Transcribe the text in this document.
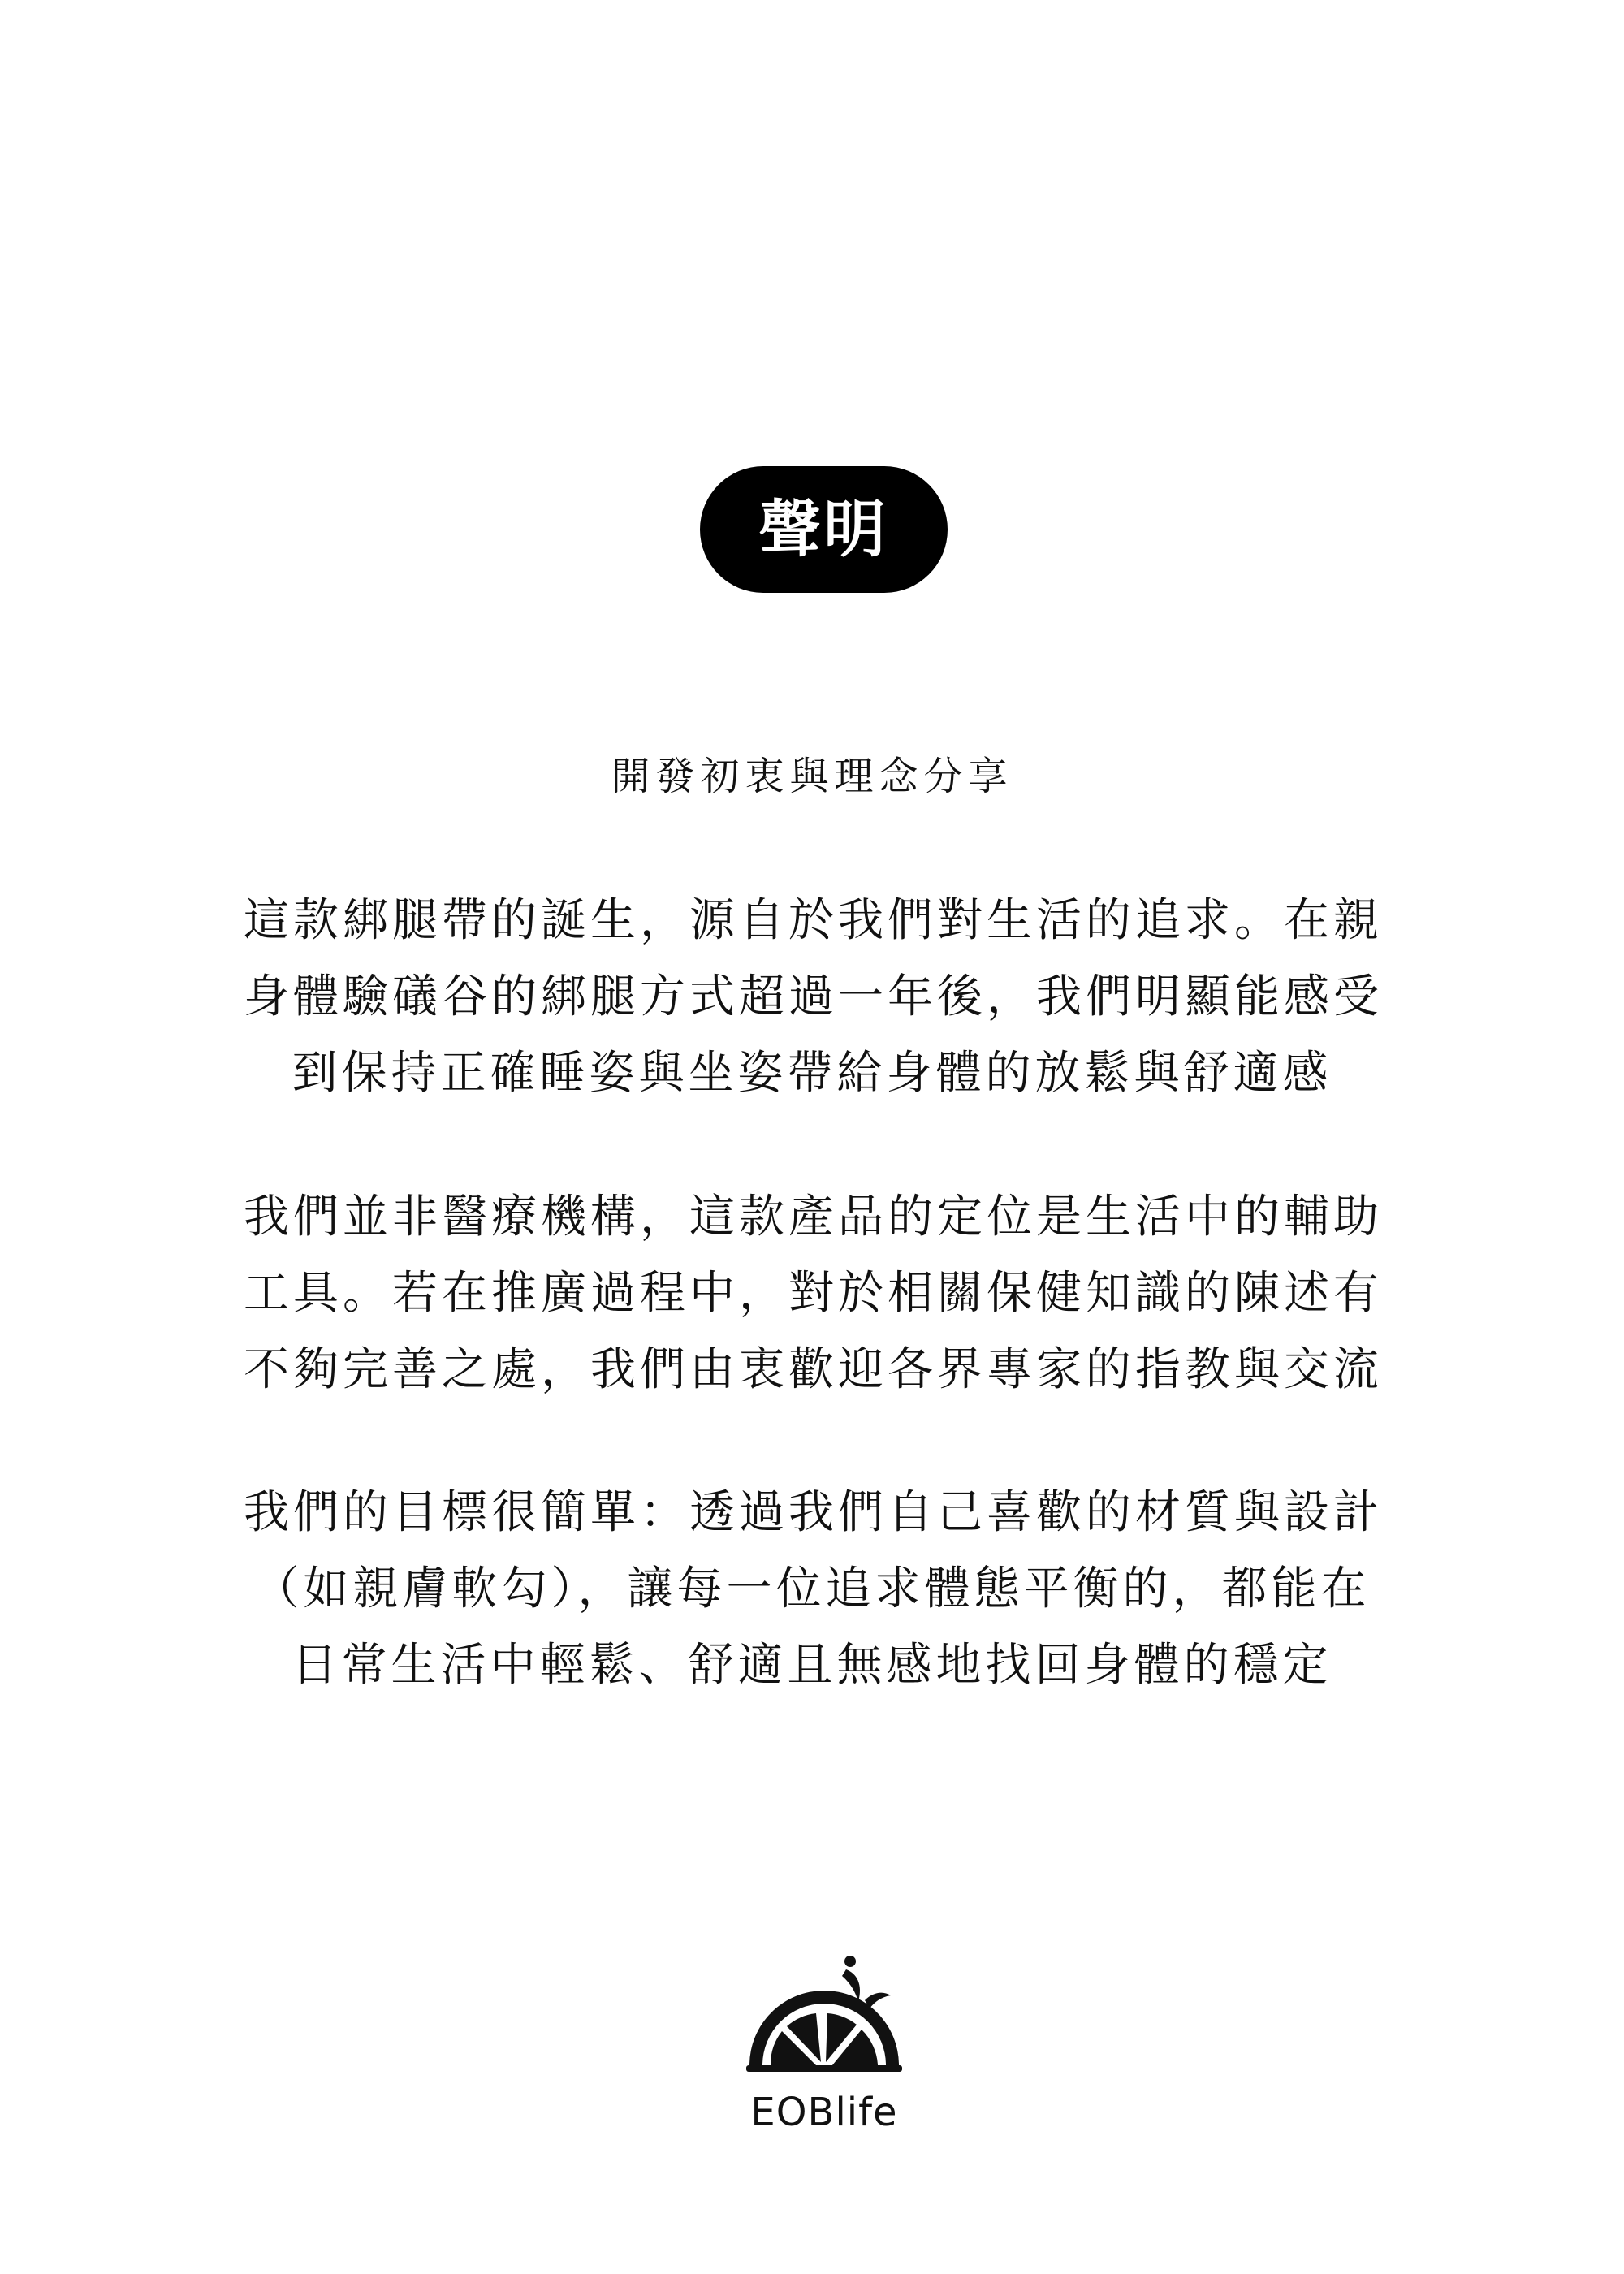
聲明

開發初衷與理念分享

這款綁腿帶的誕生，源自於我們對生活的追求。在親
身體驗礒谷的綁腿方式超過一年後，我們明顯能感受
到保持正確睡姿與坐姿帶給身體的放鬆與舒適感

我們並非醫療機構，這款產品的定位是生活中的輔助
工具。若在推廣過程中，對於相關保健知識的陳述有
不夠完善之處，我們由衷歡迎各界專家的指教與交流

我們的目標很簡單：透過我們自己喜歡的材質與設計
（如親膚軟勾），讓每一位追求體態平衡的，都能在
日常生活中輕鬆、舒適且無感地找回身體的穩定

EOBlife
